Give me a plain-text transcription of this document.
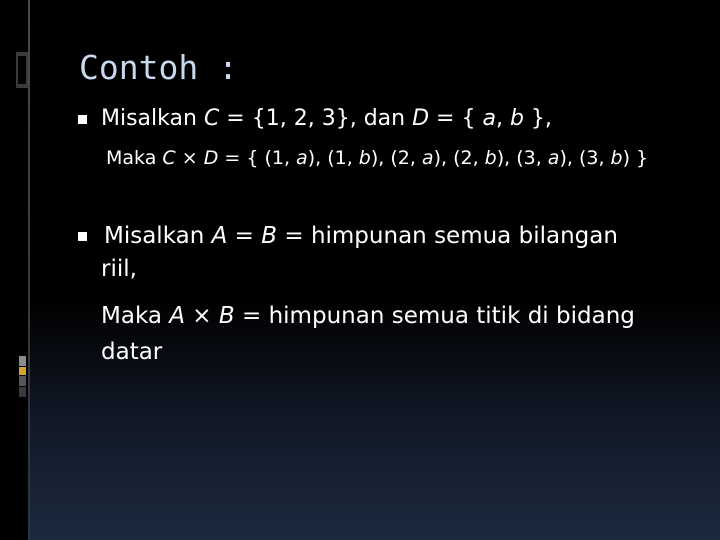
Contoh :
Misalkan C = {1, 2, 3}, dan D = { a, b },
Maka C × D = { (1, a), (1, b), (2, a), (2, b), (3, a), (3, b) }
Misalkan A = B = himpunan semua bilangan
riil,
Maka A × B = himpunan semua titik di bidang
datar
